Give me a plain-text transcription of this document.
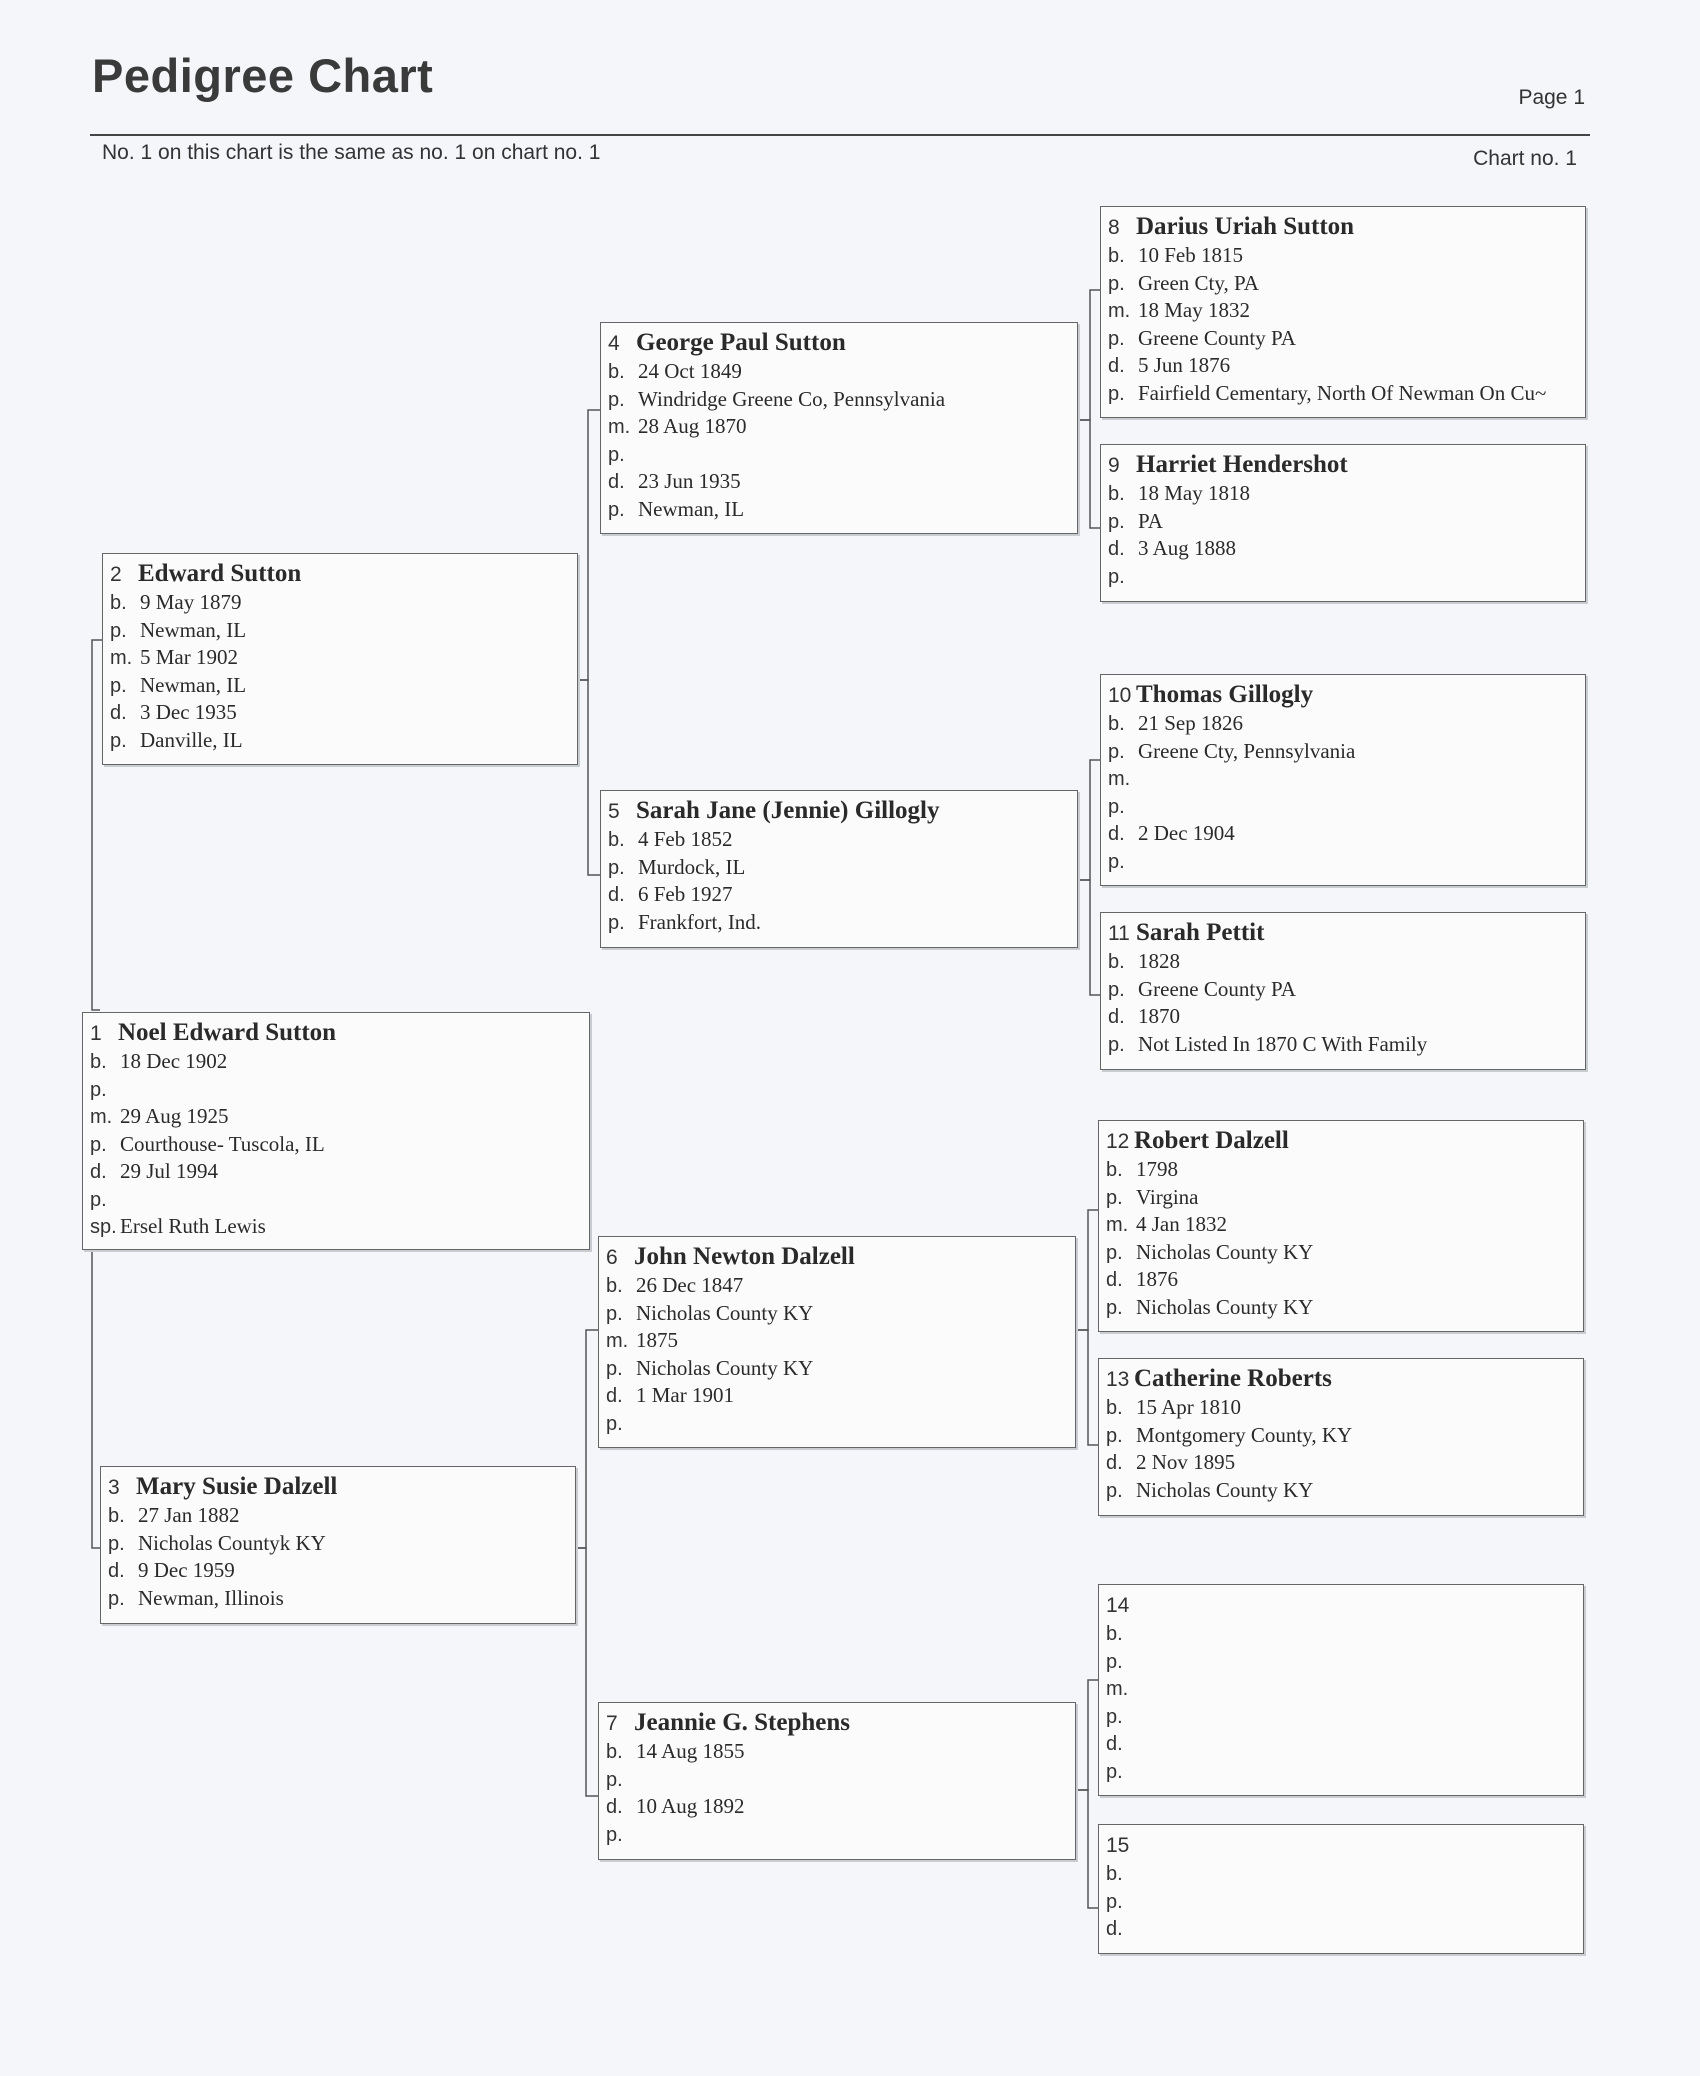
Pedigree Chart	Page 1
No. 1 on this chart is the same as no. 1 on chart no. 1	Chart no. 1
1 Noel Edward Sutton
b. 18 Dec 1902
p.
m. 29 Aug 1925
p. Courthouse- Tuscola, IL
d. 29 Jul 1994
p.
sp. Ersel Ruth Lewis
2 Edward Sutton
b. 9 May 1879
p. Newman, IL
m. 5 Mar 1902
p. Newman, IL
d. 3 Dec 1935
p. Danville, IL
3 Mary Susie Dalzell
b. 27 Jan 1882
p. Nicholas Countyk KY
d. 9 Dec 1959
p. Newman, Illinois
4 George Paul Sutton
b. 24 Oct 1849
p. Windridge Greene Co, Pennsylvania
m. 28 Aug 1870
p.
d. 23 Jun 1935
p. Newman, IL
5 Sarah Jane (Jennie) Gillogly
b. 4 Feb 1852
p. Murdock, IL
d. 6 Feb 1927
p. Frankfort, Ind.
6 John Newton Dalzell
b. 26 Dec 1847
p. Nicholas County KY
m. 1875
p. Nicholas County KY
d. 1 Mar 1901
p.
7 Jeannie G. Stephens
b. 14 Aug 1855
p.
d. 10 Aug 1892
p.
8 Darius Uriah Sutton
b. 10 Feb 1815
p. Green Cty, PA
m. 18 May 1832
p. Greene County PA
d. 5 Jun 1876
p. Fairfield Cementary, North Of Newman On Cu~
9 Harriet Hendershot
b. 18 May 1818
p. PA
d. 3 Aug 1888
p.
10 Thomas Gillogly
b. 21 Sep 1826
p. Greene Cty, Pennsylvania
m.
p.
d. 2 Dec 1904
p.
11 Sarah Pettit
b. 1828
p. Greene County PA
d. 1870
p. Not Listed In 1870 C With Family
12 Robert Dalzell
b. 1798
p. Virgina
m. 4 Jan 1832
p. Nicholas County KY
d. 1876
p. Nicholas County KY
13 Catherine Roberts
b. 15 Apr 1810
p. Montgomery County, KY
d. 2 Nov 1895
p. Nicholas County KY
14
b.
p.
m.
p.
d.
p.
15
b.
p.
d.
